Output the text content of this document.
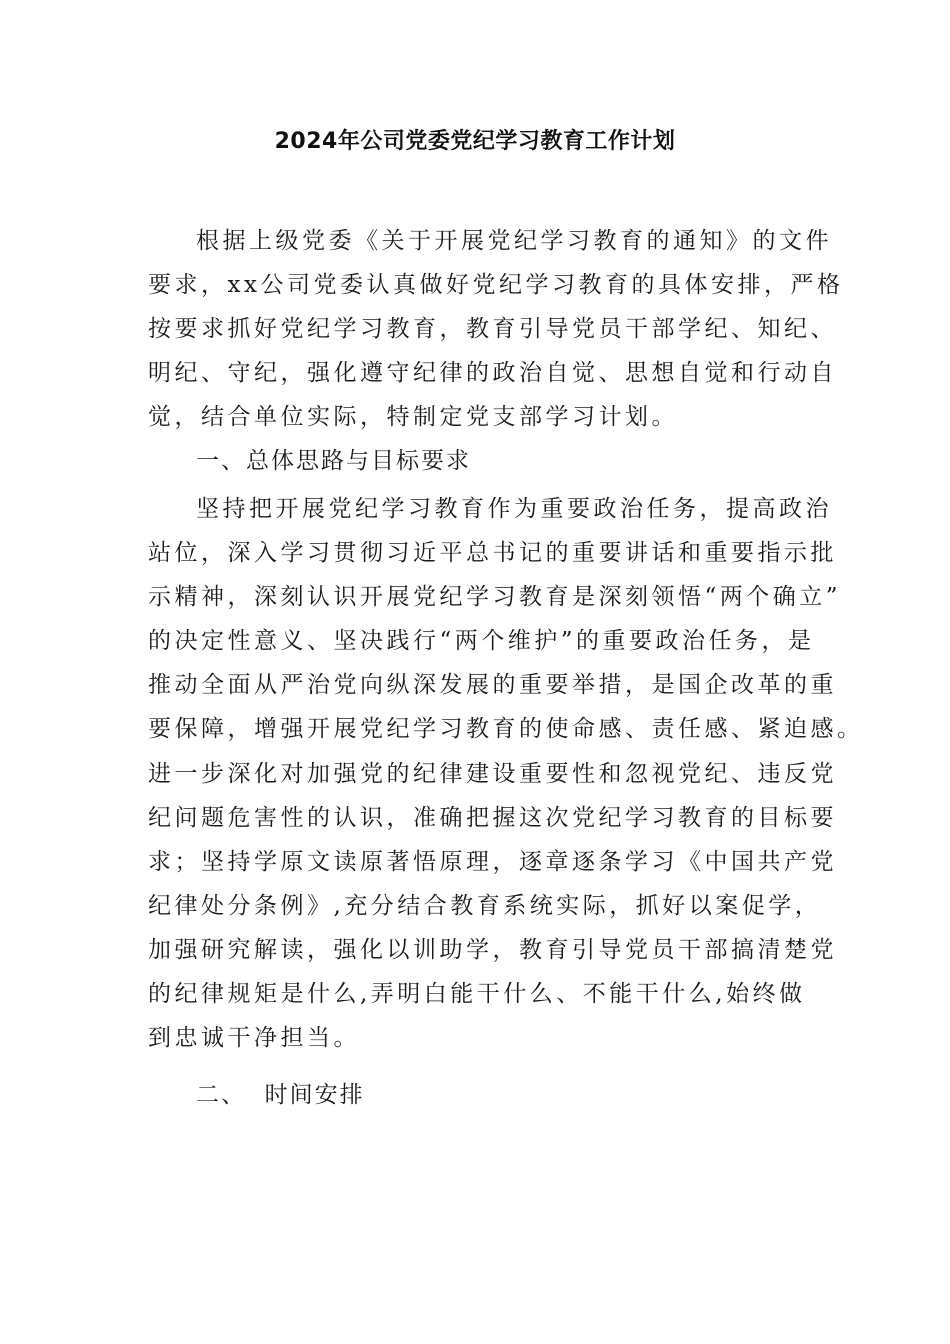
2024年公司党委党纪学习教育工作计划
根据上级党委《关于开展党纪学习教育的通知》的文件
要求，xx公司党委认真做好党纪学习教育的具体安排，严格
按要求抓好党纪学习教育，教育引导党员干部学纪、知纪、
明纪、守纪，强化遵守纪律的政治自觉、思想自觉和行动自
觉，结合单位实际，特制定党支部学习计划。
一、总体思路与目标要求
坚持把开展党纪学习教育作为重要政治任务，提高政治
站位，深入学习贯彻习近平总书记的重要讲话和重要指示批
示精神，深刻认识开展党纪学习教育是深刻领悟“两个确立”
的决定性意义、坚决践行“两个维护”的重要政治任务，是
推动全面从严治党向纵深发展的重要举措，是国企改革的重
要保障，增强开展党纪学习教育的使命感、责任感、紧迫感。
进一步深化对加强党的纪律建设重要性和忽视党纪、违反党
纪问题危害性的认识，准确把握这次党纪学习教育的目标要
求；坚持学原文读原著悟原理，逐章逐条学习《中国共产党
纪律处分条例》,充分结合教育系统实际，抓好以案促学，
加强研究解读，强化以训助学，教育引导党员干部搞清楚党
的纪律规矩是什么,弄明白能干什么、不能干什么,始终做
到忠诚干净担当。
二、  时间安排
